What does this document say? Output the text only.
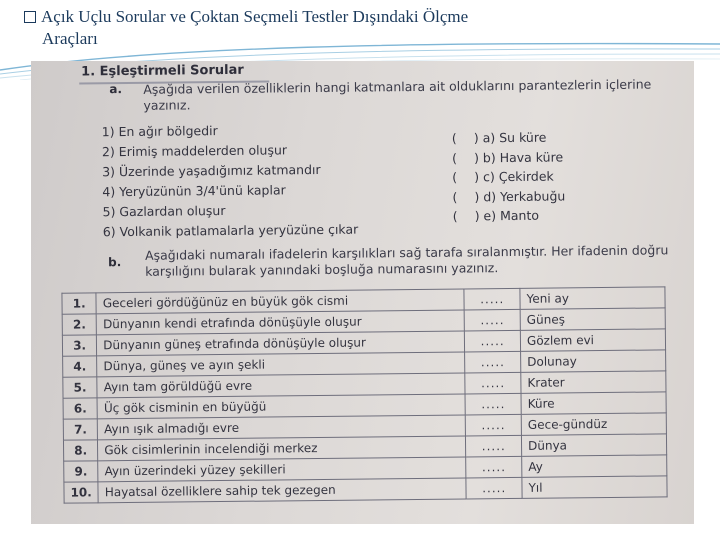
Açık Uçlu Sorular ve Çoktan Seçmeli Testler Dışındaki Ölçme
Araçları
1. Eşleştirmeli Sorular
a. Aşağıda verilen özelliklerin hangi katmanlara ait olduklarını parantezlerin içlerine yazınız.
1) En ağır bölgedir
2) Erimiş maddelerden oluşur
3) Üzerinde yaşadığımız katmandır
4) Yeryüzünün 3/4'ünü kaplar
5) Gazlardan oluşur
6) Volkanik patlamalarla yeryüzüne çıkar
( ) a) Su küre
( ) b) Hava küre
( ) c) Çekirdek
( ) d) Yerkabuğu
( ) e) Manto
b. Aşağıdaki numaralı ifadelerin karşılıkları sağ tarafa sıralanmıştır. Her ifadenin doğru karşılığını bularak yanındaki boşluğa numarasını yazınız.
1.	Geceleri gördüğünüz en büyük gök cismi	.....	Yeni ay
2.	Dünyanın kendi etrafında dönüşüyle oluşur	.....	Güneş
3.	Dünyanın güneş etrafında dönüşüyle oluşur	.....	Gözlem evi
4.	Dünya, güneş ve ayın şekli	.....	Dolunay
5.	Ayın tam görüldüğü evre	.....	Krater
6.	Üç gök cisminin en büyüğü	.....	Küre
7.	Ayın ışık almadığı evre	.....	Gece-gündüz
8.	Gök cisimlerinin incelendiği merkez	.....	Dünya
9.	Ayın üzerindeki yüzey şekilleri	.....	Ay
10.	Hayatsal özelliklere sahip tek gezegen	.....	Yıl
